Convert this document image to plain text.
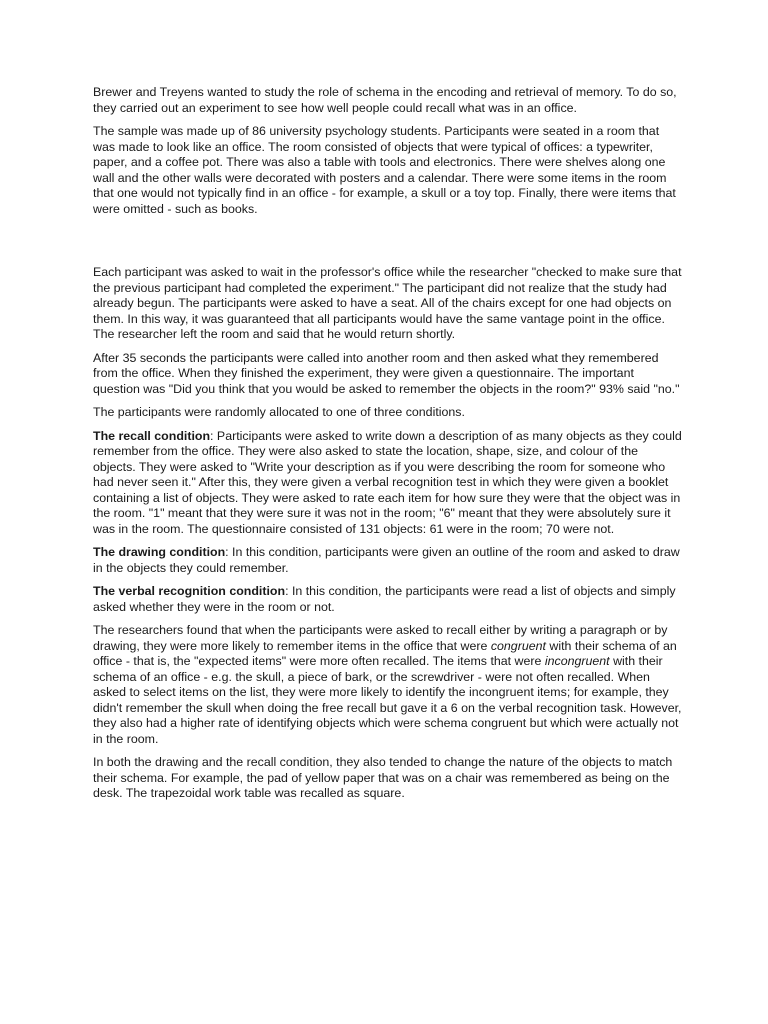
Brewer and Treyens wanted to study the role of schema in the encoding and retrieval of memory. To do so, they carried out an experiment to see how well people could recall what was in an office.

The sample was made up of 86 university psychology students. Participants were seated in a room that was made to look like an office. The room consisted of objects that were typical of offices: a typewriter, paper, and a coffee pot. There was also a table with tools and electronics. There were shelves along one wall and the other walls were decorated with posters and a calendar. There were some items in the room that one would not typically find in an office - for example, a skull or a toy top. Finally, there were items that were omitted - such as books.

Each participant was asked to wait in the professor's office while the researcher "checked to make sure that the previous participant had completed the experiment." The participant did not realize that the study had already begun. The participants were asked to have a seat. All of the chairs except for one had objects on them. In this way, it was guaranteed that all participants would have the same vantage point in the office. The researcher left the room and said that he would return shortly.

After 35 seconds the participants were called into another room and then asked what they remembered from the office. When they finished the experiment, they were given a questionnaire. The important question was "Did you think that you would be asked to remember the objects in the room?" 93% said "no."

The participants were randomly allocated to one of three conditions.

The recall condition: Participants were asked to write down a description of as many objects as they could remember from the office. They were also asked to state the location, shape, size, and colour of the objects. They were asked to "Write your description as if you were describing the room for someone who had never seen it." After this, they were given a verbal recognition test in which they were given a booklet containing a list of objects. They were asked to rate each item for how sure they were that the object was in the room. "1" meant that they were sure it was not in the room; "6" meant that they were absolutely sure it was in the room. The questionnaire consisted of 131 objects: 61 were in the room; 70 were not.

The drawing condition: In this condition, participants were given an outline of the room and asked to draw in the objects they could remember.

The verbal recognition condition: In this condition, the participants were read a list of objects and simply asked whether they were in the room or not.

The researchers found that when the participants were asked to recall either by writing a paragraph or by drawing, they were more likely to remember items in the office that were congruent with their schema of an office - that is, the "expected items" were more often recalled. The items that were incongruent with their schema of an office - e.g. the skull, a piece of bark, or the screwdriver - were not often recalled. When asked to select items on the list, they were more likely to identify the incongruent items; for example, they didn't remember the skull when doing the free recall but gave it a 6 on the verbal recognition task. However, they also had a higher rate of identifying objects which were schema congruent but which were actually not in the room.

In both the drawing and the recall condition, they also tended to change the nature of the objects to match their schema. For example, the pad of yellow paper that was on a chair was remembered as being on the desk. The trapezoidal work table was recalled as square.
